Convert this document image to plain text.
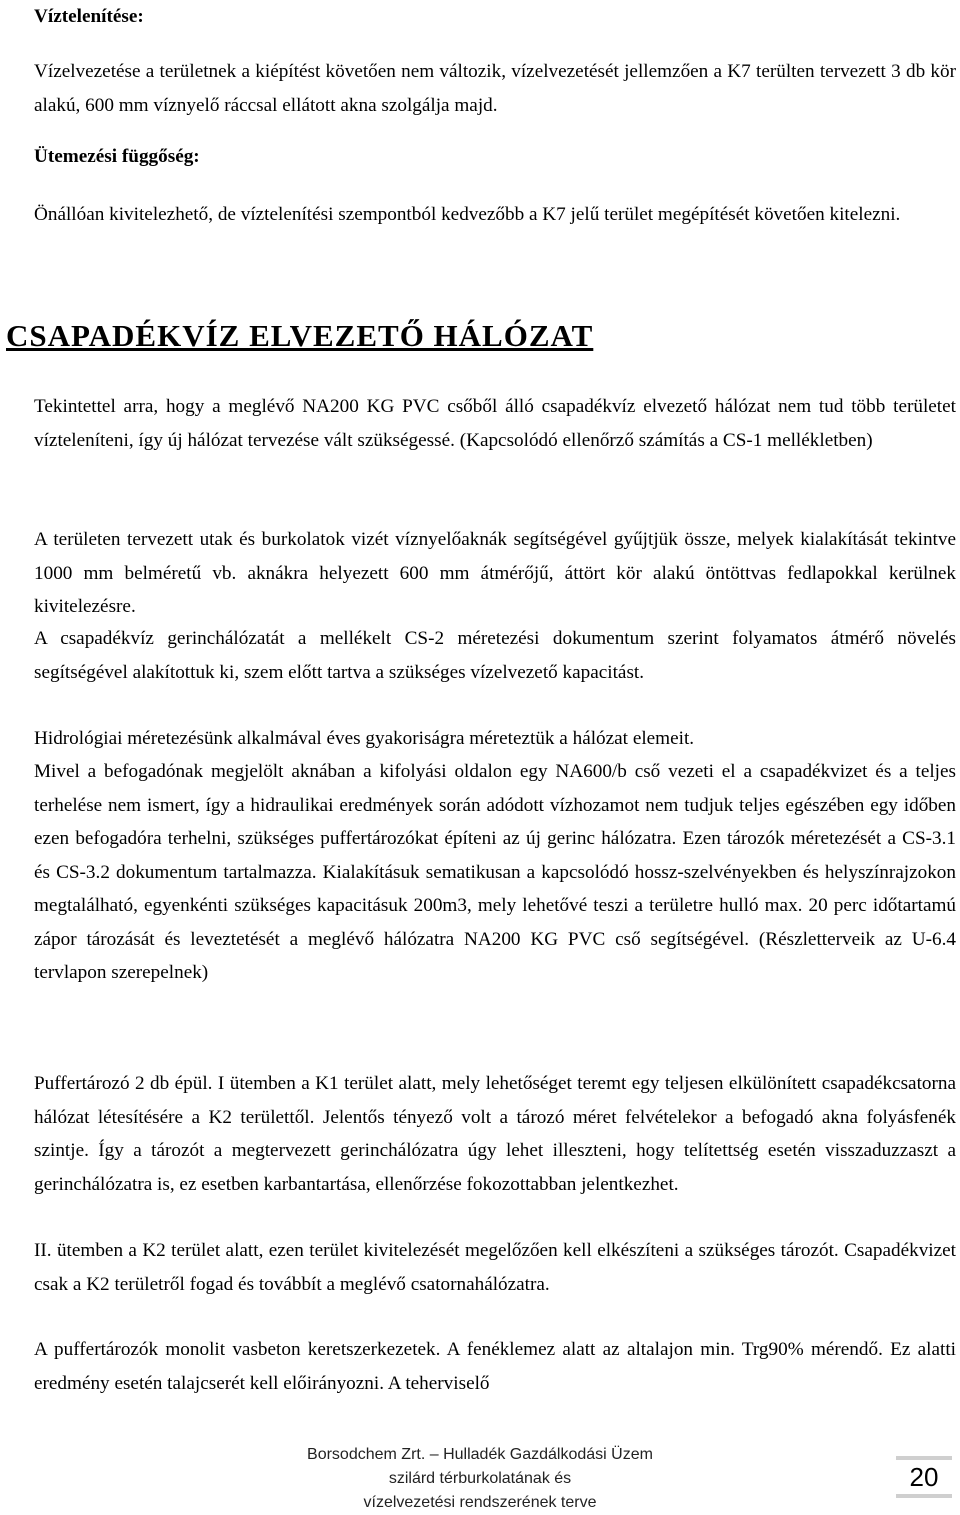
Víztelenítése:
Vízelvezetése a területnek a kiépítést követően nem változik, vízelvezetését jellemzően a K7 terülten tervezett 3 db kör alakú, 600 mm víznyelő ráccsal ellátott akna szolgálja majd.
Ütemezési függőség:
Önállóan kivitelezhető, de víztelenítési szempontból kedvezőbb a K7 jelű terület megépítését követően kitelezni.
CSAPADÉKVÍZ ELVEZETŐ HÁLÓZAT
Tekintettel arra, hogy a meglévő NA200 KG PVC csőből álló csapadékvíz elvezető hálózat nem tud több területet vízteleníteni, így új hálózat tervezése vált szükségessé. (Kapcsolódó ellenőrző számítás a CS-1 mellékletben)
A területen tervezett utak és burkolatok vizét víznyelőaknák segítségével gyűjtjük össze, melyek kialakítását tekintve 1000 mm belméretű vb. aknákra helyezett 600 mm átmérőjű, áttört kör alakú öntöttvas fedlapokkal kerülnek kivitelezésre.
A csapadékvíz gerinchálózatát a mellékelt CS-2 méretezési dokumentum szerint folyamatos átmérő növelés segítségével alakítottuk ki, szem előtt tartva a szükséges vízelvezető kapacitást.
Hidrológiai méretezésünk alkalmával éves gyakoriságra méreteztük a hálózat elemeit.
Mivel a befogadónak megjelölt aknában a kifolyási oldalon egy NA600/b cső vezeti el a csapadékvizet és a teljes terhelése nem ismert, így a hidraulikai eredmények során adódott vízhozamot nem tudjuk teljes egészében egy időben ezen befogadóra terhelni, szükséges puffertározókat építeni az új gerinc hálózatra. Ezen tározók méretezését a CS-3.1 és CS-3.2 dokumentum tartalmazza. Kialakításuk sematikusan a kapcsolódó hossz-szelvényekben és helyszínrajzokon megtalálható, egyenkénti szükséges kapacitásuk 200m3, mely lehetővé teszi a területre hulló max. 20 perc időtartamú zápor tározását és leveztetését a meglévő hálózatra NA200 KG PVC cső segítségével. (Részletterveik az U-6.4 tervlapon szerepelnek)
Puffertározó 2 db épül. I ütemben a K1 terület alatt, mely lehetőséget teremt egy teljesen elkülönített csapadékcsatorna hálózat létesítésére a K2 területtől. Jelentős tényező volt a tározó méret felvételekor a befogadó akna folyásfenék szintje. Így a tározót a megtervezett gerinchálózatra úgy lehet illeszteni, hogy telítettség esetén visszaduzzaszt a gerinchálózatra is, ez esetben karbantartása, ellenőrzése fokozottabban jelentkezhet.
II. ütemben a K2 terület alatt, ezen terület kivitelezését megelőzően kell elkészíteni a szükséges tározót. Csapadékvizet csak a K2 területről fogad és továbbít a meglévő csatornahálózatra.
A puffertározók monolit vasbeton keretszerkezetek. A fenéklemez alatt az altalajon min. Trg90% mérendő. Ez alatti eredmény esetén talajcserét kell előirányozni. A teherviselő
Borsodchem Zrt. – Hulladék Gazdálkodási Üzem
szilárd térburkolatának és
vízelvezetési rendszerének terve
20
